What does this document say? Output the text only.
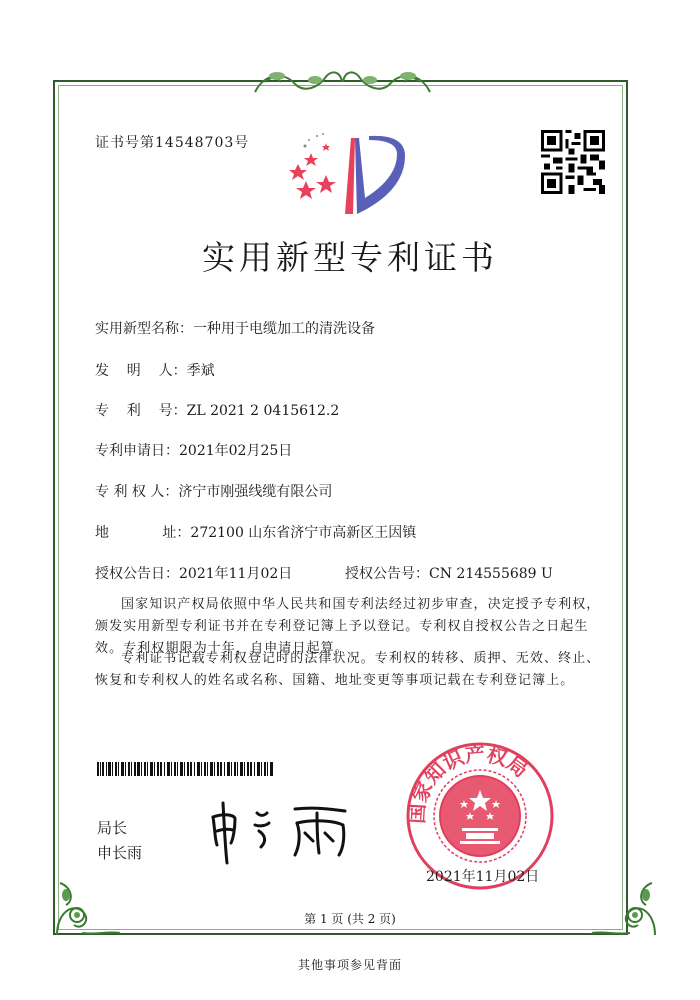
证书号第14548703号
实用新型专利证书
实用新型名称：一种用于电缆加工的清洗设备
发    明    人：季斌
专    利    号：ZL 2021 2 0415612.2
专利申请日：2021年02月25日
专 利 权 人：济宁市刚强线缆有限公司
地            址：272100 山东省济宁市高新区王因镇
授权公告日：2021年11月02日	授权公告号：CN 214555689 U
国家知识产权局依照中华人民共和国专利法经过初步审查，决定授予专利权，颁发实用新型专利证书并在专利登记簿上予以登记。专利权自授权公告之日起生效。专利权期限为十年，自申请日起算。
专利证书记载专利权登记时的法律状况。专利权的转移、质押、无效、终止、恢复和专利权人的姓名或名称、国籍、地址变更等事项记载在专利登记簿上。
局长
申长雨
国家知识产权局
2021年11月02日
第 1 页 (共 2 页)
其他事项参见背面
